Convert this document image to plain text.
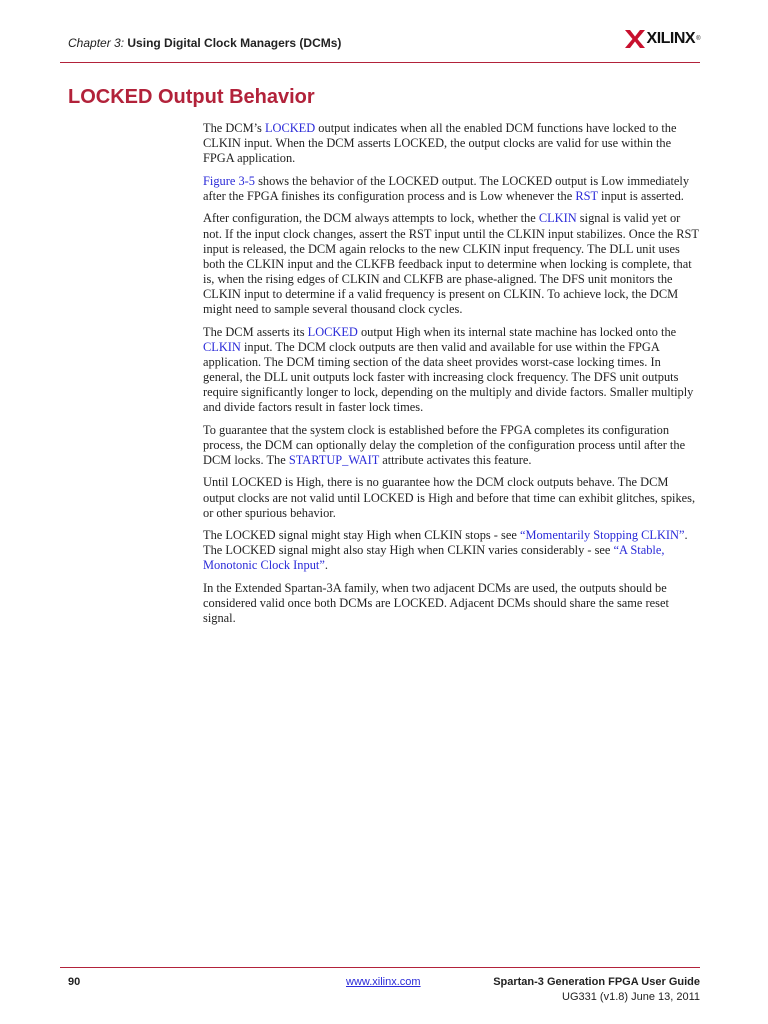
Chapter 3: Using Digital Clock Managers (DCMs)	XILINX ®
LOCKED Output Behavior

The DCM’s LOCKED output indicates when all the enabled DCM functions have locked to the CLKIN input. When the DCM asserts LOCKED, the output clocks are valid for use within the FPGA application.

Figure 3-5 shows the behavior of the LOCKED output. The LOCKED output is Low immediately after the FPGA finishes its configuration process and is Low whenever the RST input is asserted.

After configuration, the DCM always attempts to lock, whether the CLKIN signal is valid yet or not. If the input clock changes, assert the RST input until the CLKIN input stabilizes. Once the RST input is released, the DCM again relocks to the new CLKIN input frequency. The DLL unit uses both the CLKIN input and the CLKFB feedback input to determine when locking is complete, that is, when the rising edges of CLKIN and CLKFB are phase-aligned. The DFS unit monitors the CLKIN input to determine if a valid frequency is present on CLKIN. To achieve lock, the DCM might need to sample several thousand clock cycles.

The DCM asserts its LOCKED output High when its internal state machine has locked onto the CLKIN input. The DCM clock outputs are then valid and available for use within the FPGA application. The DCM timing section of the data sheet provides worst-case locking times. In general, the DLL unit outputs lock faster with increasing clock frequency. The DFS unit outputs require significantly longer to lock, depending on the multiply and divide factors. Smaller multiply and divide factors result in faster lock times.

To guarantee that the system clock is established before the FPGA completes its configuration process, the DCM can optionally delay the completion of the configuration process until after the DCM locks. The STARTUP_WAIT attribute activates this feature.

Until LOCKED is High, there is no guarantee how the DCM clock outputs behave. The DCM output clocks are not valid until LOCKED is High and before that time can exhibit glitches, spikes, or other spurious behavior.

The LOCKED signal might stay High when CLKIN stops - see “Momentarily Stopping CLKIN”. The LOCKED signal might also stay High when CLKIN varies considerably - see “A Stable, Monotonic Clock Input”.

In the Extended Spartan-3A family, when two adjacent DCMs are used, the outputs should be considered valid once both DCMs are LOCKED. Adjacent DCMs should share the same reset signal.

90	www.xilinx.com	Spartan-3 Generation FPGA User Guide
UG331 (v1.8) June 13, 2011
